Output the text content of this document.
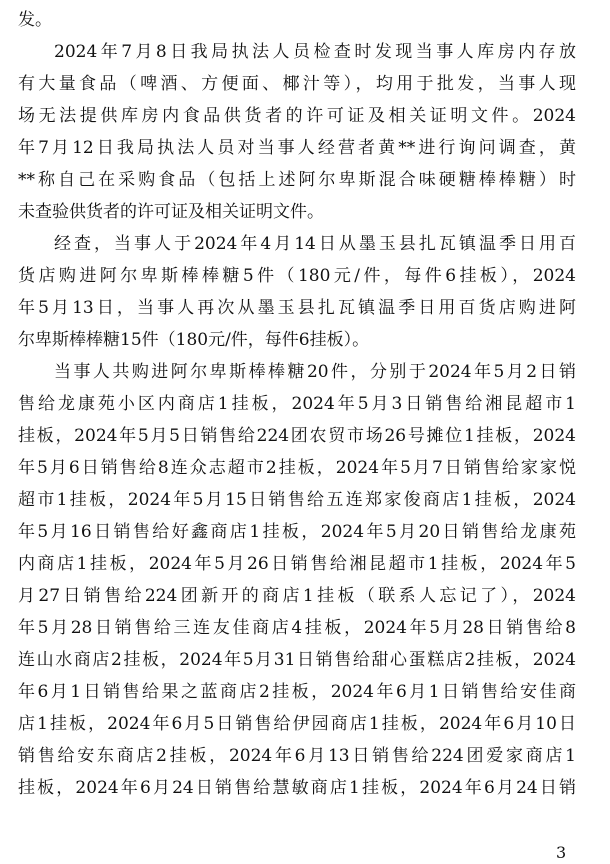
发。
2024年7月8日我局执法人员检查时发现当事人库房内存放
有大量食品（啤酒、方便面、椰汁等），均用于批发，当事人现
场无法提供库房内食品供货者的许可证及相关证明文件。2024
年7月12日我局执法人员对当事人经营者黄**进行询问调查，黄
**称自己在采购食品（包括上述阿尔卑斯混合味硬糖棒棒糖）时
未查验供货者的许可证及相关证明文件。
经查，当事人于2024年4月14日从墨玉县扎瓦镇温季日用百
货店购进阿尔卑斯棒棒糖5件（180元/件，每件6挂板），2024
年5月13日，当事人再次从墨玉县扎瓦镇温季日用百货店购进阿
尔卑斯棒棒糖15件（180元/件，每件6挂板）。
当事人共购进阿尔卑斯棒棒糖20件，分别于2024年5月2日销
售给龙康苑小区内商店1挂板，2024年5月3日销售给湘昆超市1
挂板，2024年5月5日销售给224团农贸市场26号摊位1挂板，2024
年5月6日销售给8连众志超市2挂板，2024年5月7日销售给家家悦
超市1挂板，2024年5月15日销售给五连郑家俊商店1挂板，2024
年5月16日销售给好鑫商店1挂板，2024年5月20日销售给龙康苑
内商店1挂板，2024年5月26日销售给湘昆超市1挂板，2024年5
月27日销售给224团新开的商店1挂板（联系人忘记了），2024
年5月28日销售给三连友佳商店4挂板，2024年5月28日销售给8
连山水商店2挂板，2024年5月31日销售给甜心蛋糕店2挂板，2024
年6月1日销售给果之蓝商店2挂板，2024年6月1日销售给安佳商
店1挂板，2024年6月5日销售给伊园商店1挂板，2024年6月10日
销售给安东商店2挂板，2024年6月13日销售给224团爱家商店1
挂板，2024年6月24日销售给慧敏商店1挂板，2024年6月24日销
3
